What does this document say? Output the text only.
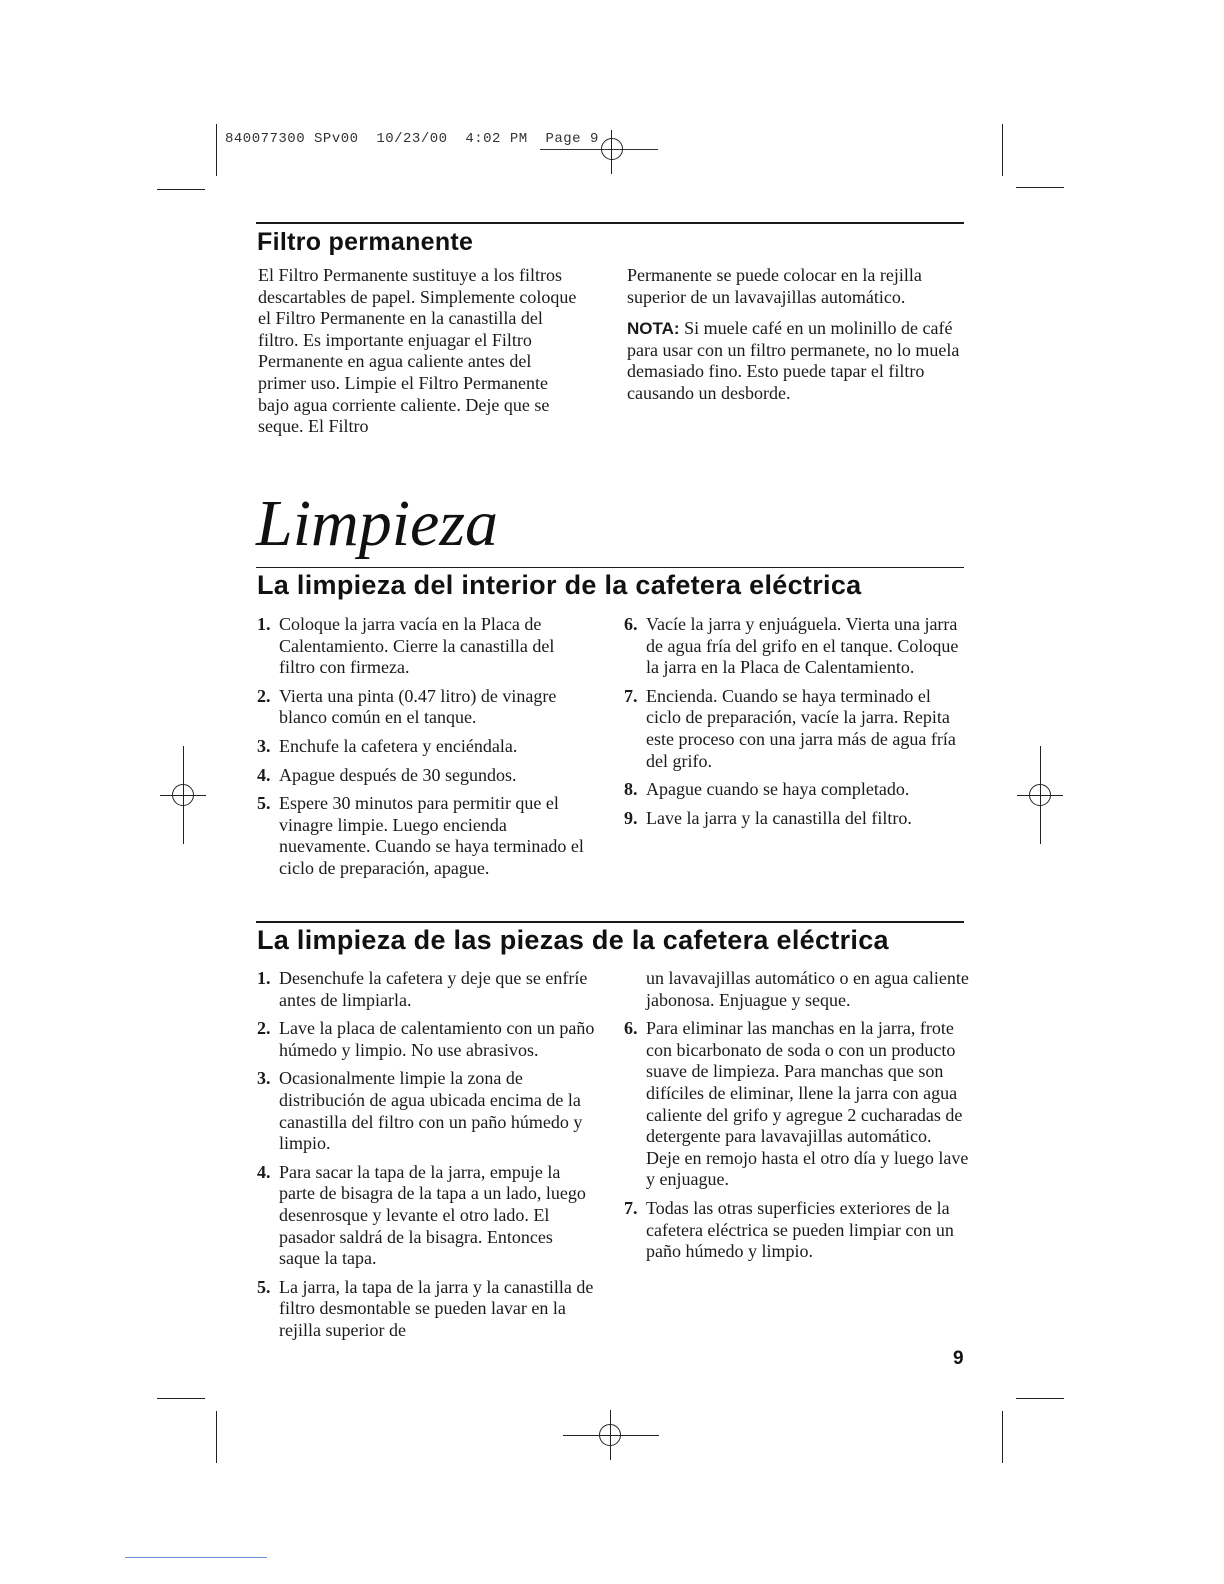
840077300 SPv00  10/23/00  4:02 PM  Page 9
Filtro permanente

El Filtro Permanente sustituye a los filtros descartables de papel. Simplemente coloque el Filtro Permanente en la canastilla del filtro. Es importante enjuagar el Filtro Permanente en agua caliente antes del primer uso. Limpie el Filtro Permanente bajo agua corriente caliente. Deje que se seque. El Filtro

Permanente se puede colocar en la rejilla superior de un lavavajillas automático.

NOTA: Si muele café en un molinillo de café para usar con un filtro permanete, no lo muela demasiado fino. Esto puede tapar el filtro causando un desborde.

Limpieza
La limpieza del interior de la cafetera eléctrica
1. Coloque la jarra vacía en la Placa de Calentamiento. Cierre la canastilla del filtro con firmeza.
2. Vierta una pinta (0.47 litro) de vinagre blanco común en el tanque.
3. Enchufe la cafetera y enciéndala.
4. Apague después de 30 segundos.
5. Espere 30 minutos para permitir que el vinagre limpie. Luego encienda nuevamente. Cuando se haya terminado el ciclo de preparación, apague.
6. Vacíe la jarra y enjuáguela. Vierta una jarra de agua fría del grifo en el tanque. Coloque la jarra en la Placa de Calentamiento.
7. Encienda. Cuando se haya terminado el ciclo de preparación, vacíe la jarra. Repita este proceso con una jarra más de agua fría del grifo.
8. Apague cuando se haya completado.
9. Lave la jarra y la canastilla del filtro.
La limpieza de las piezas de la cafetera eléctrica
1. Desenchufe la cafetera y deje que se enfríe antes de limpiarla.
2. Lave la placa de calentamiento con un paño húmedo y limpio. No use abrasivos.
3. Ocasionalmente limpie la zona de distribución de agua ubicada encima de la canastilla del filtro con un paño húmedo y limpio.
4. Para sacar la tapa de la jarra, empuje la parte de bisagra de la tapa a un lado, luego desenrosque y levante el otro lado. El pasador saldrá de la bisagra. Entonces saque la tapa.
5. La jarra, la tapa de la jarra y la canastilla de filtro desmontable se pueden lavar en la rejilla superior de
un lavavajillas automático o en agua caliente jabonosa. Enjuague y seque.
6. Para eliminar las manchas en la jarra, frote con bicarbonato de soda o con un producto suave de limpieza. Para manchas que son difíciles de eliminar, llene la jarra con agua caliente del grifo y agregue 2 cucharadas de detergente para lavavajillas automático. Deje en remojo hasta el otro día y luego lave y enjuague.
7. Todas las otras superficies exteriores de la cafetera eléctrica se pueden limpiar con un paño húmedo y limpio.
9
